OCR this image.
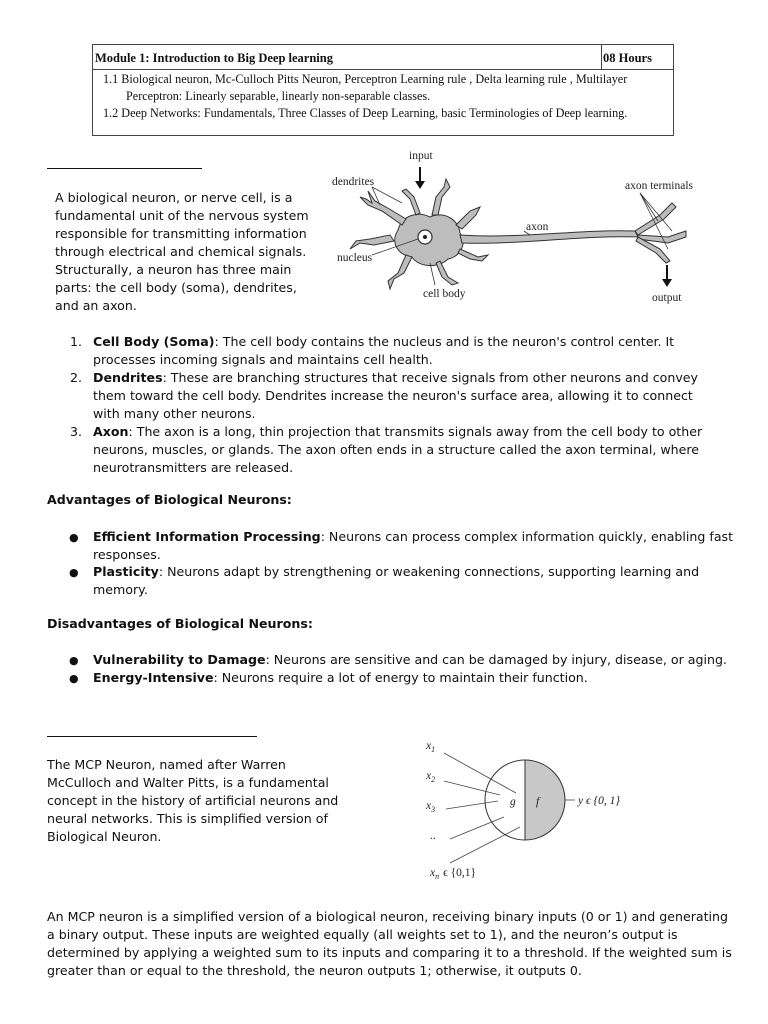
Module 1: Introduction to Big Deep learning	08 Hours
1.1 Biological neuron, Mc-Culloch Pitts Neuron, Perceptron Learning rule , Delta learning rule , Multilayer
Perceptron: Linearly separable, linearly non-separable classes.
1.2 Deep Networks: Fundamentals, Three Classes of Deep Learning, basic Terminologies of Deep learning.
A biological neuron, or nerve cell, is a
fundamental unit of the nervous system
responsible for transmitting information
through electrical and chemical signals.
Structurally, a neuron has three main
parts: the cell body (soma), dendrites,
and an axon.
input
dendrites	axon terminals
axon
nucleus
cell body	output
1. Cell Body (Soma): The cell body contains the nucleus and is the neuron's control center. It
processes incoming signals and maintains cell health.
2. Dendrites: These are branching structures that receive signals from other neurons and convey
them toward the cell body. Dendrites increase the neuron's surface area, allowing it to connect
with many other neurons.
3. Axon: The axon is a long, thin projection that transmits signals away from the cell body to other
neurons, muscles, or glands. The axon often ends in a structure called the axon terminal, where
neurotransmitters are released.
Advantages of Biological Neurons:
● Efficient Information Processing: Neurons can process complex information quickly, enabling fast
responses.
● Plasticity: Neurons adapt by strengthening or weakening connections, supporting learning and
memory.
Disadvantages of Biological Neurons:
● Vulnerability to Damage: Neurons are sensitive and can be damaged by injury, disease, or aging.
● Energy-Intensive: Neurons require a lot of energy to maintain their function.
The MCP Neuron, named after Warren
McCulloch and Walter Pitts, is a fundamental
concept in the history of artificial neurons and
neural networks. This is simplified version of
Biological Neuron.
g f
$x_1$
$x_2$
$x_3$
..
$x_n$ ϵ {0,1}
y ϵ {0, 1}
An MCP neuron is a simplified version of a biological neuron, receiving binary inputs (0 or 1) and generating
a binary output. These inputs are weighted equally (all weights set to 1), and the neuron’s output is
determined by applying a weighted sum to its inputs and comparing it to a threshold. If the weighted sum is
greater than or equal to the threshold, the neuron outputs 1; otherwise, it outputs 0.
